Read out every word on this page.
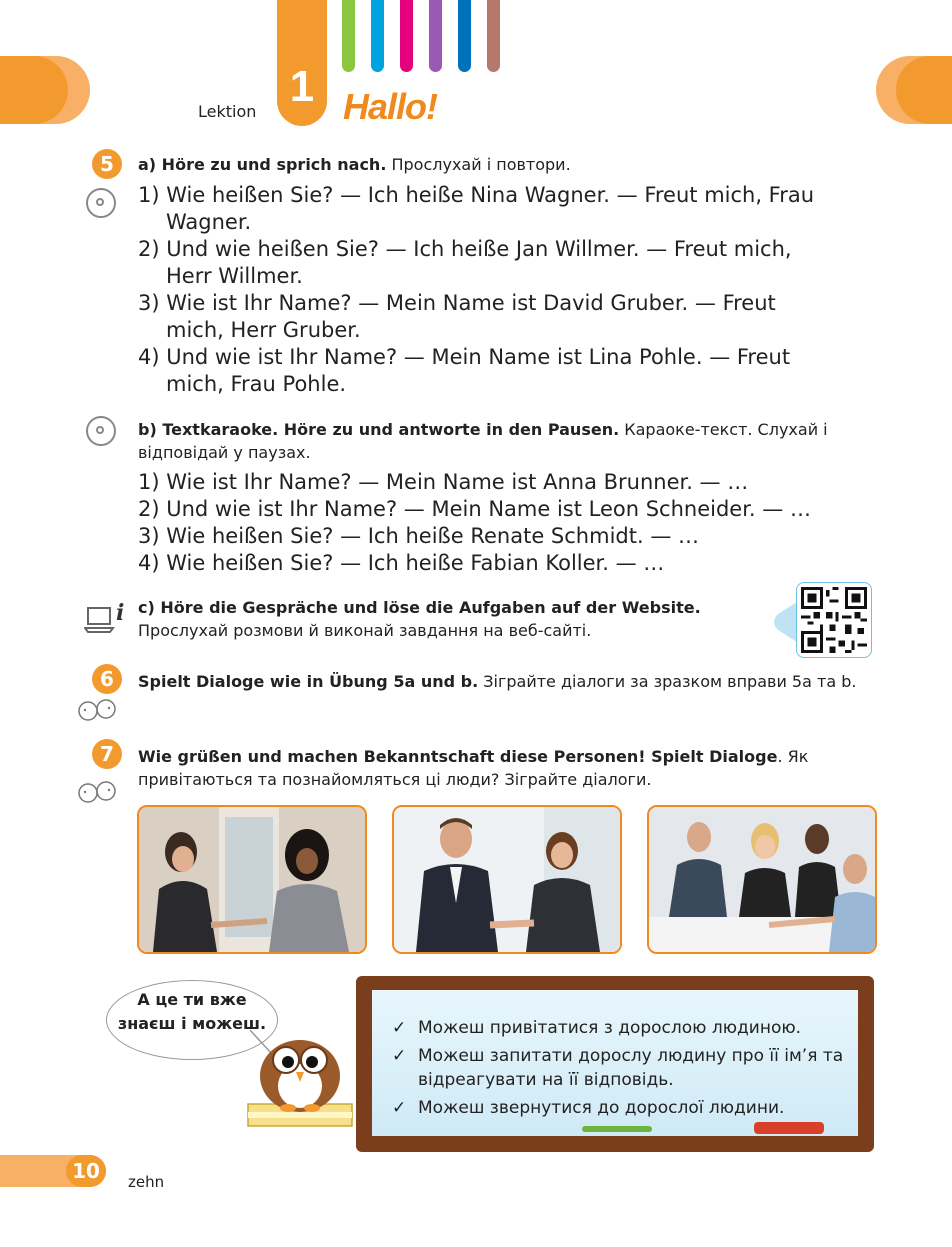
1
Lektion Hallo!
5	a) Höre zu und sprich nach. Прослухай і повтори.
1) Wie heißen Sie? — Ich heiße Nina Wagner. — Freut mich, Frau
Wagner.
2) Und wie heißen Sie? — Ich heiße Jan Willmer. — Freut mich,
Herr Willmer.
3) Wie ist Ihr Name? — Mein Name ist David Gruber. — Freut
mich, Herr Gruber.
4) Und wie ist Ihr Name? — Mein Name ist Lina Pohle. — Freut
mich, Frau Pohle.
b) Textkaraoke. Höre zu und antworte in den Pausen. Караоке-текст. Слухай і відповідай у паузах.
1) Wie ist Ihr Name? — Mein Name ist Anna Brunner. — …
2) Und wie ist Ihr Name? — Mein Name ist Leon Schneider. — …
3) Wie heißen Sie? — Ich heiße Renate Schmidt. — …
4) Wie heißen Sie? — Ich heiße Fabian Koller. — …
i c) Höre die Gespräche und löse die Aufgaben auf der Website.
Прослухай розмови й виконай завдання на веб-сайті.
6	Spielt Dialoge wie in Übung 5a und b. Зіграйте діалоги за зразком вправи 5а та b.
7	Wie grüßen und machen Bekanntschaft diese Personen! Spielt Dialoge. Як привітаються та познайомляться ці люди? Зіграйте діалоги.
А це ти вже
знаєш і можеш.	✓ Можеш привітатися з дорослою людиною.
✓ Можеш запитати дорослу людину про її ім’я та відреагувати на її відповідь.
✓ Можеш звернутися до дорослої людини.
10	zehn
